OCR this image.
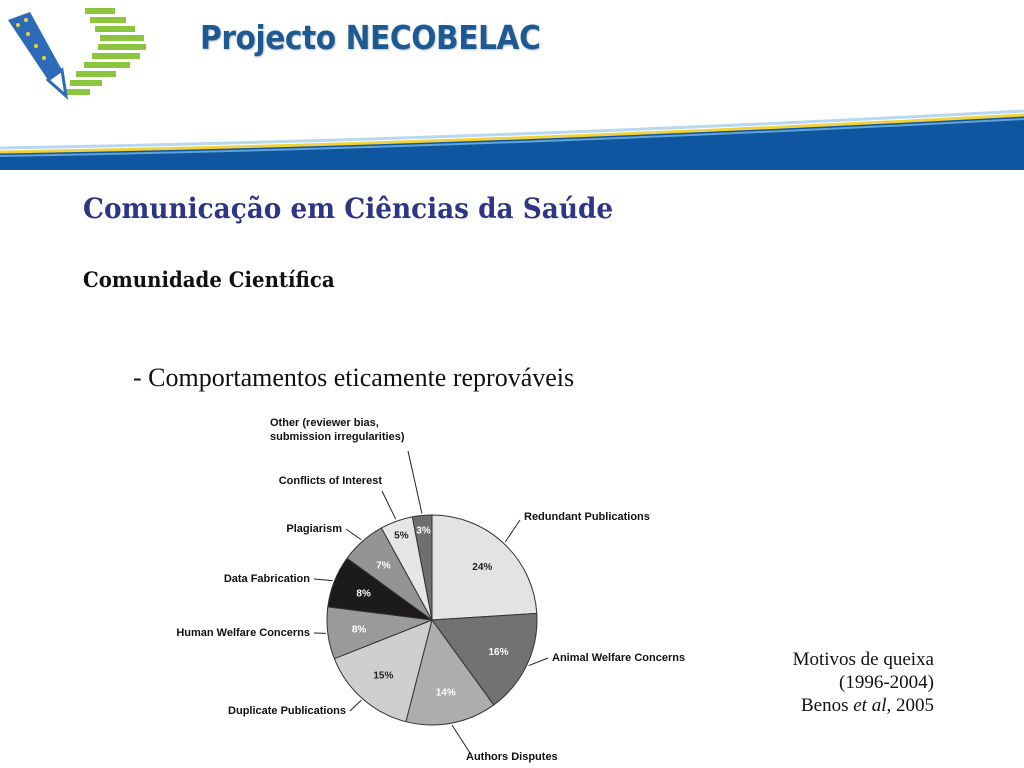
Projecto NECOBELAC
Comunicação em Ciências da Saúde
Comunidade Científica
- Comportamentos eticamente reprováveis
3%
Other (reviewer bias, submission irregularities)
24%
Redundant Publications
16%	Animal Welfare Concerns
14%
Authors Disputes
15%
Duplicate Publications
8%
Human Welfare Concerns
8%
Data Fabrication
7%
Plagiarism
5%
Conflicts of Interest
Motivos de queixa
(1996-2004)
Benos et al, 2005
